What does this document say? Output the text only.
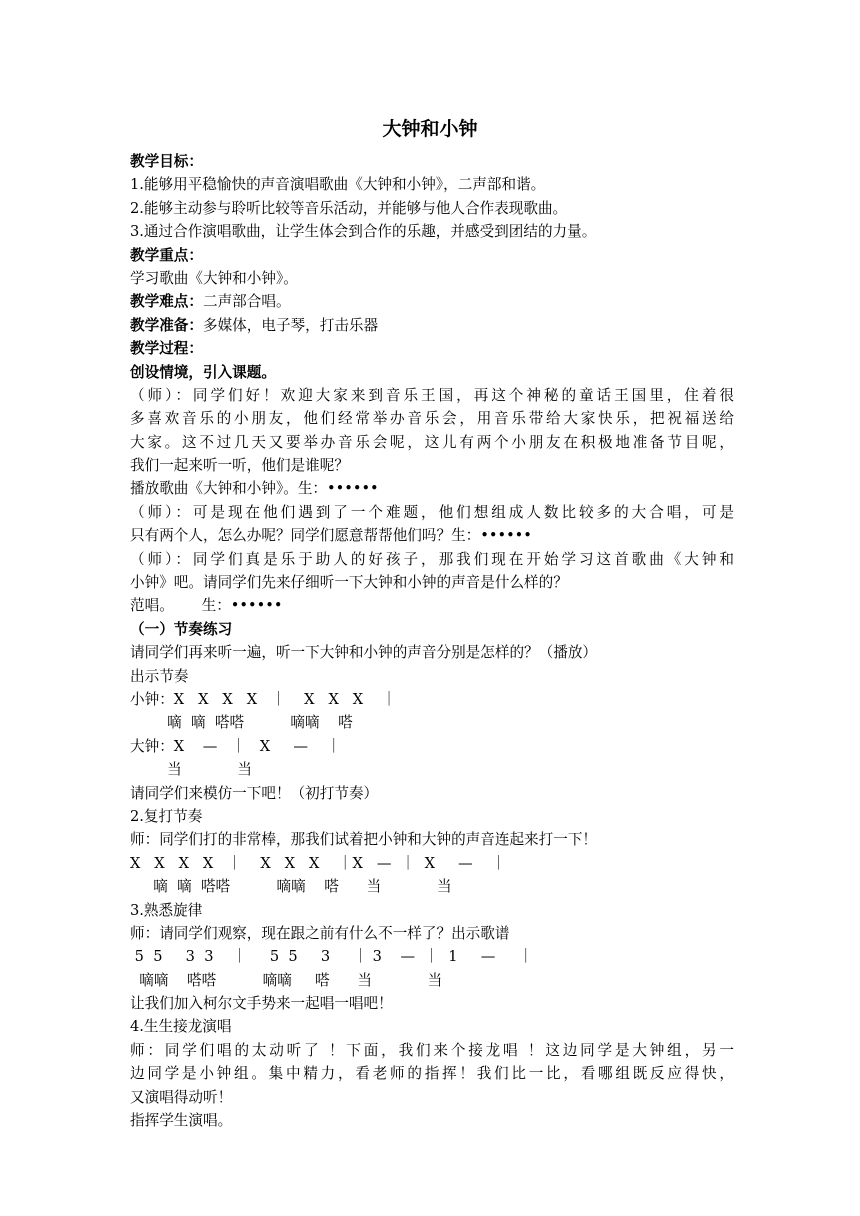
大钟和小钟
教学目标：
1.能够用平稳愉快的声音演唱歌曲《大钟和小钟》，二声部和谐。
2.能够主动参与聆听比较等音乐活动，并能够与他人合作表现歌曲。
3.通过合作演唱歌曲，让学生体会到合作的乐趣，并感受到团结的力量。
教学重点：
学习歌曲《大钟和小钟》。
教学难点：二声部合唱。
教学准备：多媒体，电子琴，打击乐器
教学过程：
创设情境，引入课题。
（师）：同学们好！欢迎大家来到音乐王国，再这个神秘的童话王国里，住着很
多喜欢音乐的小朋友，他们经常举办音乐会，用音乐带给大家快乐，把祝福送给
大家。这不过几天又要举办音乐会呢，这儿有两个小朋友在积极地准备节目呢，
我们一起来听一听，他们是谁呢？
播放歌曲《大钟和小钟》。生：••••••
（师）：可是现在他们遇到了一个难题，他们想组成人数比较多的大合唱，可是
只有两个人，怎么办呢？同学们愿意帮帮他们吗？生：••••••
（师）：同学们真是乐于助人的好孩子，那我们现在开始学习这首歌曲《大钟和
小钟》吧。请同学们先来仔细听一下大钟和小钟的声音是什么样的？
范唱。      生：••••••
（一）节奏练习
请同学们再来听一遍，听一下大钟和小钟的声音分别是怎样的？（播放）
出示节奏
小钟：X   X   X   X   ｜    X   X   X    ｜
嘀  嘀  嗒嗒          嘀嘀    嗒
大钟：X    —   ｜   X     —    ｜
当            当
请同学们来模仿一下吧！（初打节奏）
2.复打节奏
师：同学们打的非常棒，那我们试着把小钟和大钟的声音连起来打一下！
X   X   X   X   ｜    X   X   X    ｜X   —  ｜  X     —    ｜
嘀  嘀  嗒嗒          嘀嘀    嗒      当            当
3.熟悉旋律
师：请同学们观察，现在跟之前有什么不一样了？出示歌谱
5  5     3  3    ｜     5  5     3     ｜ 3    —  ｜  1     —     ｜
嘀嘀    嗒嗒          嘀嘀     嗒      当            当
让我们加入柯尔文手势来一起唱一唱吧！
4.生生接龙演唱
师：同学们唱的太动听了 ！下面，我们来个接龙唱 ！这边同学是大钟组，另一
边同学是小钟组。集中精力，看老师的指挥！我们比一比，看哪组既反应得快，
又演唱得动听！
指挥学生演唱。
